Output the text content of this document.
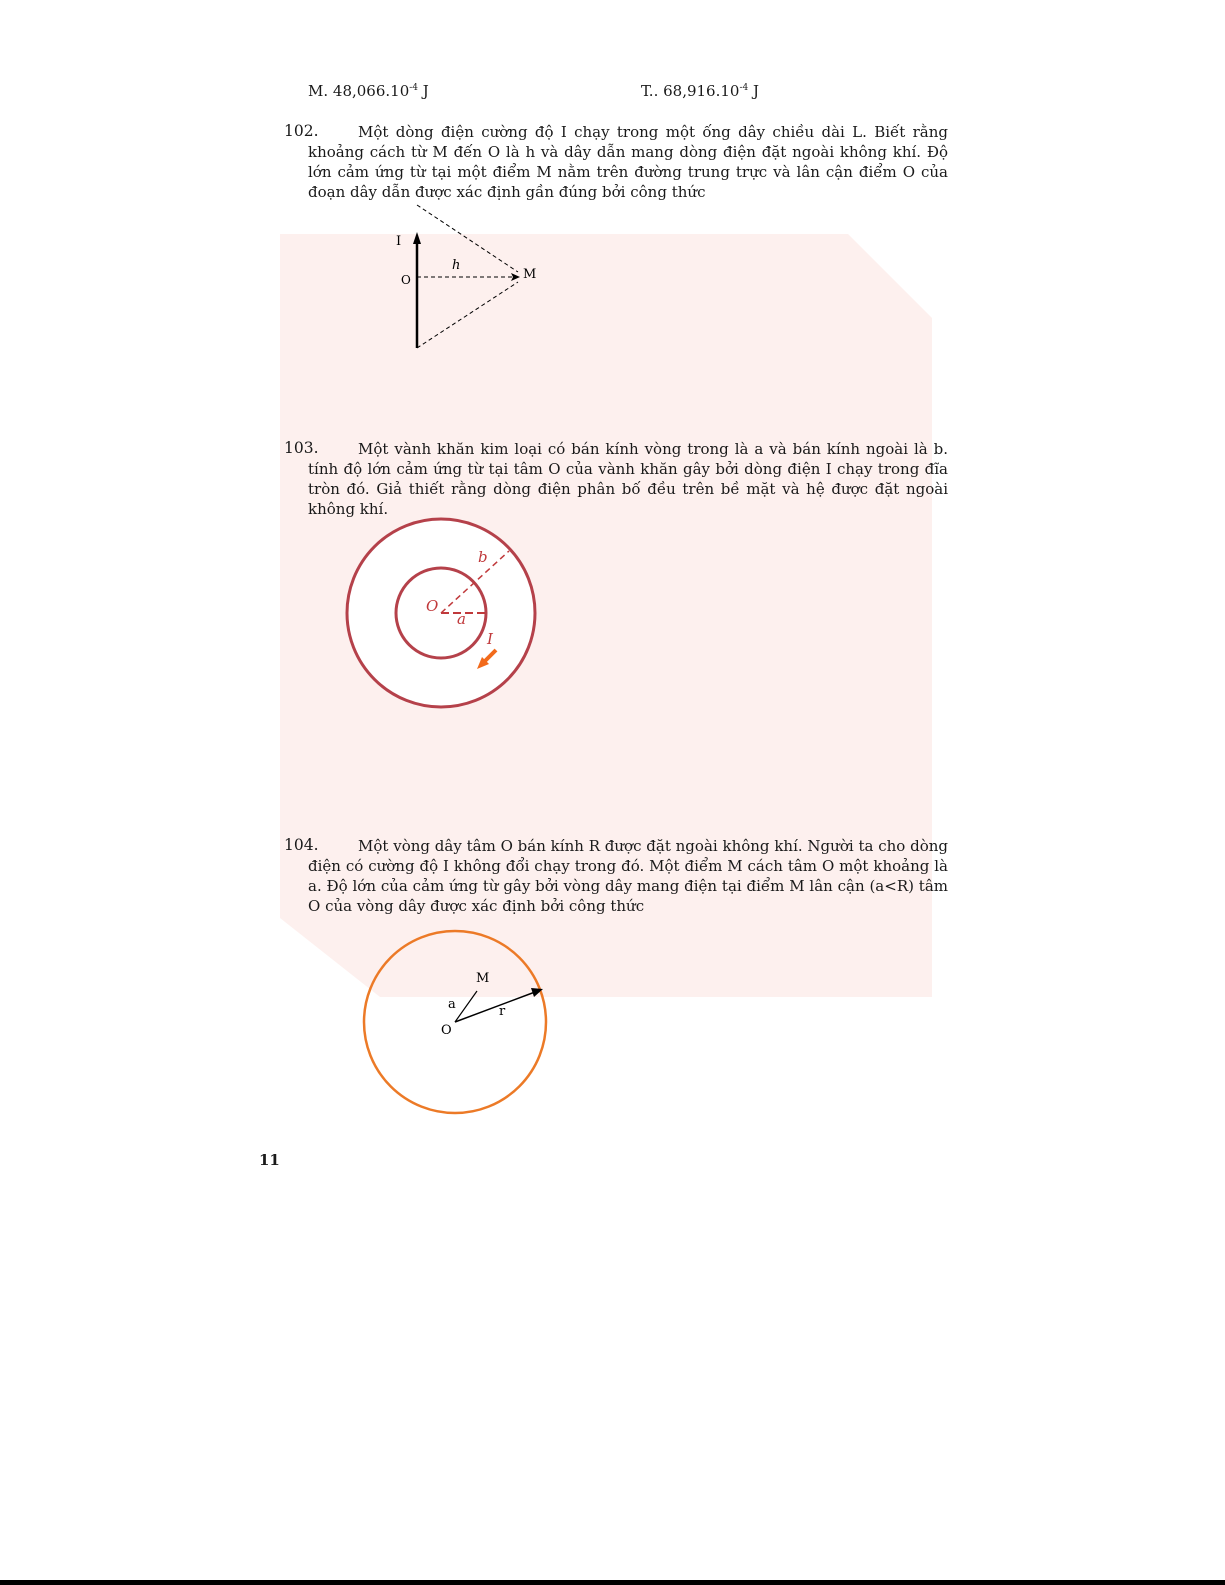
M. $48,066.10^{-4}$ J	T.. $68,916.10^{-4}$ J
102.	Một dòng điện cường độ I chạy trong một ống dây chiều dài L. Biết rằng khoảng cách từ M đến O là h và dây dẫn mang dòng điện đặt ngoài không khí. Độ lớn cảm ứng từ tại một điểm M nằm trên đường trung trực và lân cận điểm O của đoạn dây dẫn được xác định gần đúng bởi công thức
I
O
h
M
103.	Một vành khăn kim loại có bán kính vòng trong là a và bán kính ngoài là b. tính độ lớn cảm ứng từ tại tâm O của vành khăn gây bởi dòng điện I chạy trong đĩa tròn đó. Giả thiết rằng dòng điện phân bố đều trên bề mặt và hệ được đặt ngoài không khí.
b
O
a
I
104.	Một vòng dây tâm O bán kính R được đặt ngoài không khí. Người ta cho dòng điện có cường độ I không đổi chạy trong đó. Một điểm M cách tâm O một khoảng là a. Độ lớn của cảm ứng từ gây bởi vòng dây mang điện tại điểm M lân cận (a<R) tâm O của vòng dây được xác định bởi công thức
M
a
O
r
11
